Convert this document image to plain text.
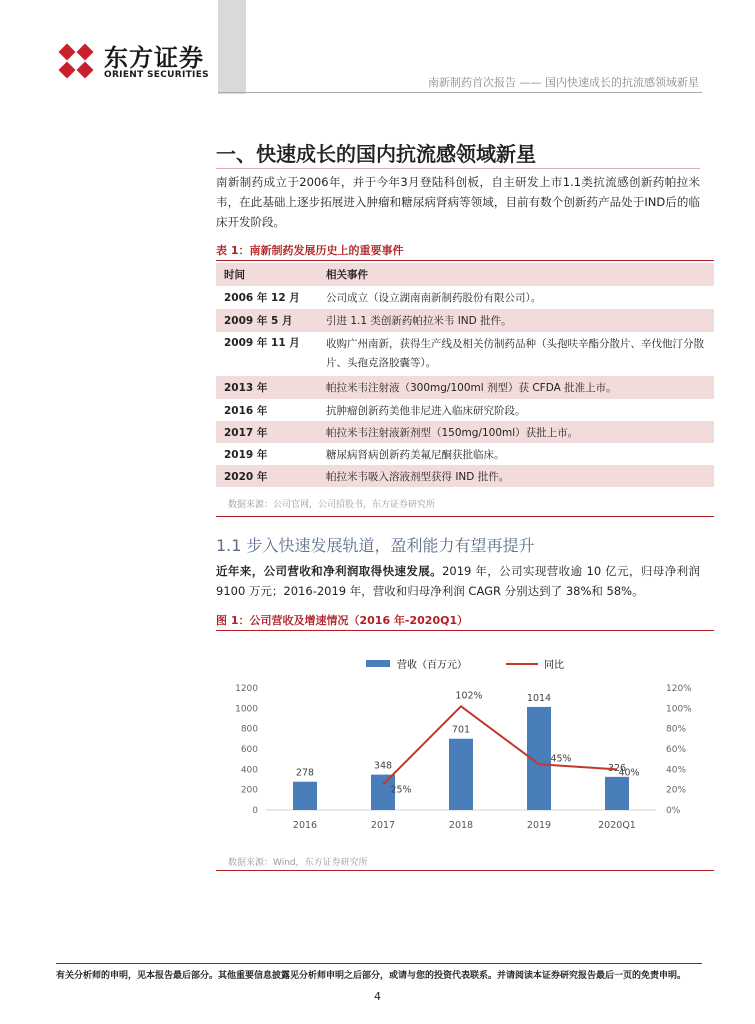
东方证券
ORIENT SECURITIES
南新制药首次报告 —— 国内快速成长的抗流感领域新星
一、快速成长的国内抗流感领域新星
南新制药成立于2006年，并于今年3月登陆科创板，自主研发上市1.1类抗流感创新药帕拉米韦，在此基础上逐步拓展进入肿瘤和糖尿病肾病等领域，目前有数个创新药产品处于IND后的临床开发阶段。
表 1：南新制药发展历史上的重要事件
时间	相关事件
2006 年 12 月	公司成立（设立湖南南新制药股份有限公司）。
2009 年 5 月	引进 1.1 类创新药帕拉米韦 IND 批件。
2009 年 11 月	收购广州南新，获得生产线及相关仿制药品种（头孢呋辛酯分散片、辛伐他汀分散片、头孢克洛胶囊等）。
2013 年	帕拉米韦注射液（300mg/100ml 剂型）获 CFDA 批准上市。
2016 年	抗肿瘤创新药美他非尼进入临床研究阶段。
2017 年	帕拉米韦注射液新剂型（150mg/100ml）获批上市。
2019 年	糖尿病肾病创新药美氟尼酮获批临床。
2020 年	帕拉米韦吸入溶液剂型获得 IND 批件。
数据来源：公司官网，公司招股书，东方证券研究所
1.1 步入快速发展轨道，盈利能力有望再提升
近年来，公司营收和净利润取得快速发展。2019 年，公司实现营收逾 10 亿元，归母净利润 9100 万元；2016-2019 年，营收和归母净利润 CAGR 分别达到了 38%和 58%。
图 1：公司营收及增速情况（2016 年-2020Q1）
营收（百万元）	同比
0
200
400
600
800
1000
1200
0%
20%
40%
60%
80%
100%
120%
2016	2017	2018	2019	2020Q1
278
348
701
1014
326
25%
102%
45%
40%
数据来源：Wind，东方证券研究所
有关分析师的申明，见本报告最后部分。其他重要信息披露见分析师申明之后部分，或请与您的投资代表联系。并请阅读本证券研究报告最后一页的免责申明。
4
